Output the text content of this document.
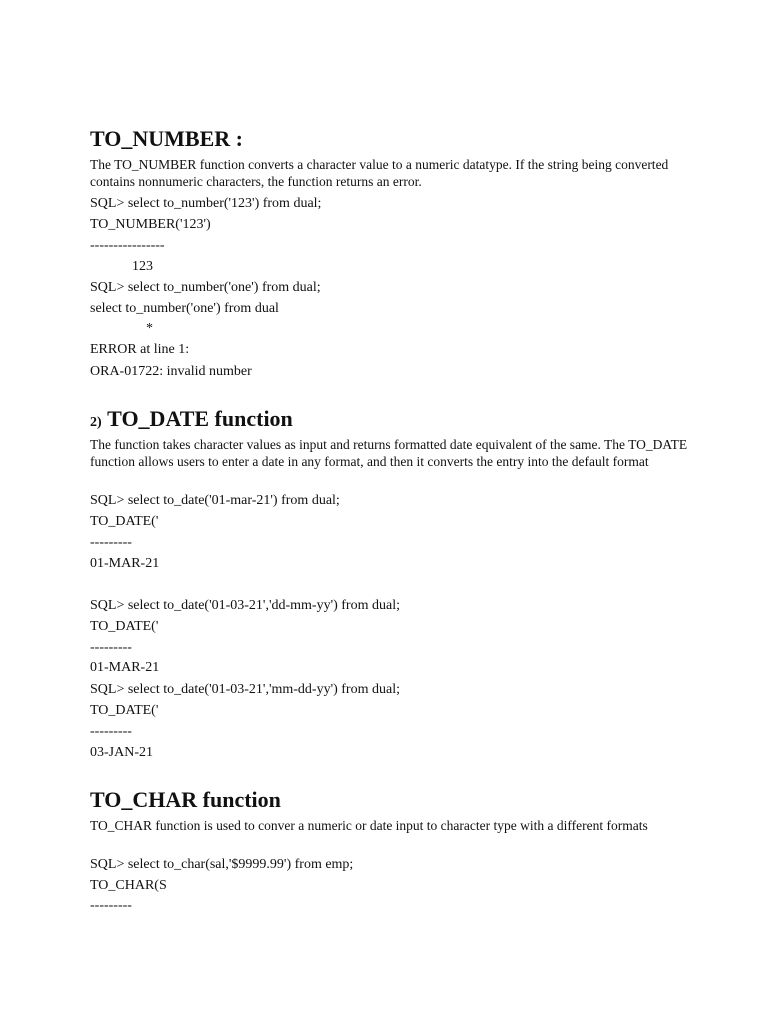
TO_NUMBER :
The TO_NUMBER function converts a character value to a numeric datatype. If the string being converted contains nonnumeric characters, the function returns an error.
SQL> select to_number('123') from dual;
TO_NUMBER('123')
----------------
123
SQL> select to_number('one') from dual;
select to_number('one') from dual
*
ERROR at line 1:
ORA-01722: invalid number
2) TO_DATE function
The function takes character values as input and returns formatted date equivalent of the same. The TO_DATE function allows users to enter a date in any format, and then it converts the entry into the default format
SQL> select to_date('01-mar-21') from dual;
TO_DATE('
---------
01-MAR-21
SQL> select to_date('01-03-21','dd-mm-yy') from dual;
TO_DATE('
---------
01-MAR-21
SQL> select to_date('01-03-21','mm-dd-yy') from dual;
TO_DATE('
---------
03-JAN-21
TO_CHAR function
TO_CHAR function is used to conver a numeric or date input to character type with a different formats
SQL> select to_char(sal,'$9999.99') from emp;
TO_CHAR(S
---------
